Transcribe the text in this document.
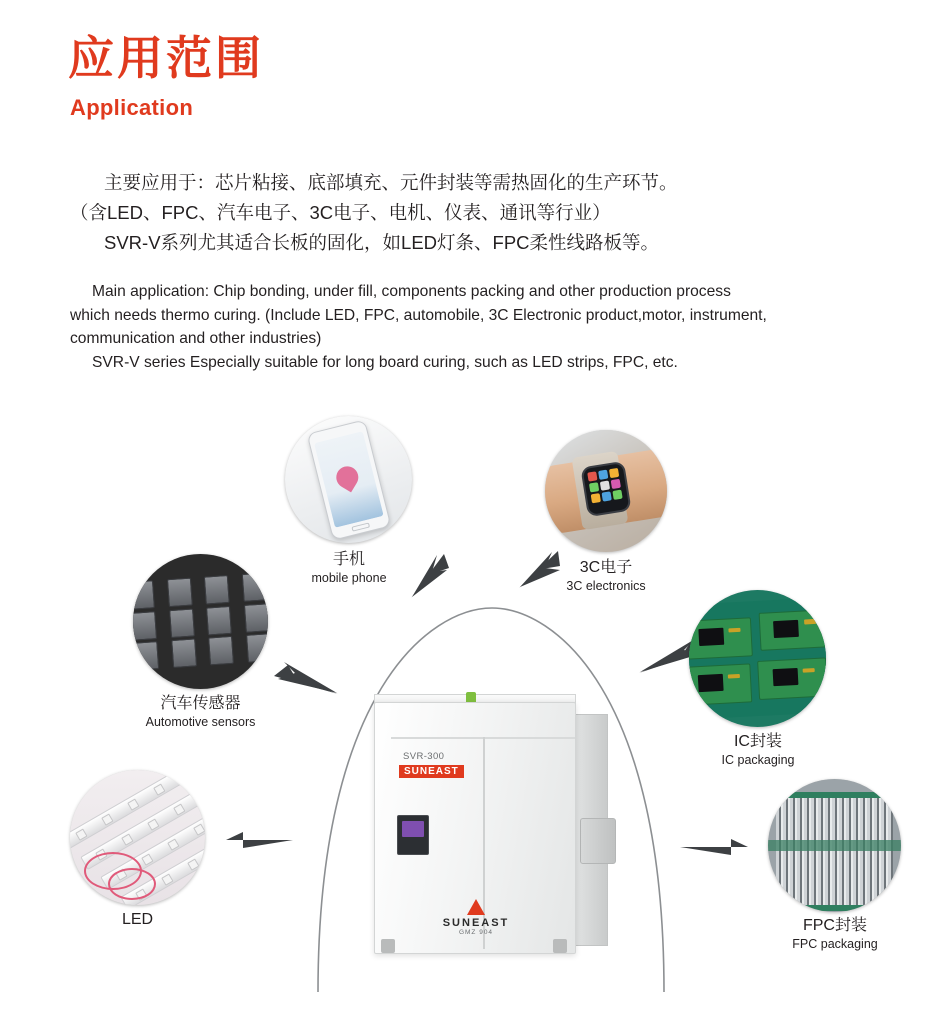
应用范围
Application

主要应用于：芯片粘接、底部填充、元件封装等需热固化的生产环节。

（含LED、FPC、汽车电子、3C电子、电机、仪表、通讯等行业）

SVR-V系列尤其适合长板的固化，如LED灯条、FPC柔性线路板等。

Main application: Chip bonding, under fill, components packing and other production process

which needs thermo curing. (Include LED, FPC, automobile, 3C Electronic product,motor, instrument,

communication and other industries)

SVR-V series Especially suitable for long board curing, such as LED strips, FPC, etc.

SVR-300
SUNEAST
SUNEAST
GMZ 904
手机
mobile phone
3C电子
3C electronics
汽车传感器
Automotive sensors
IC封装
IC packaging
LED	FPC封装
FPC packaging
